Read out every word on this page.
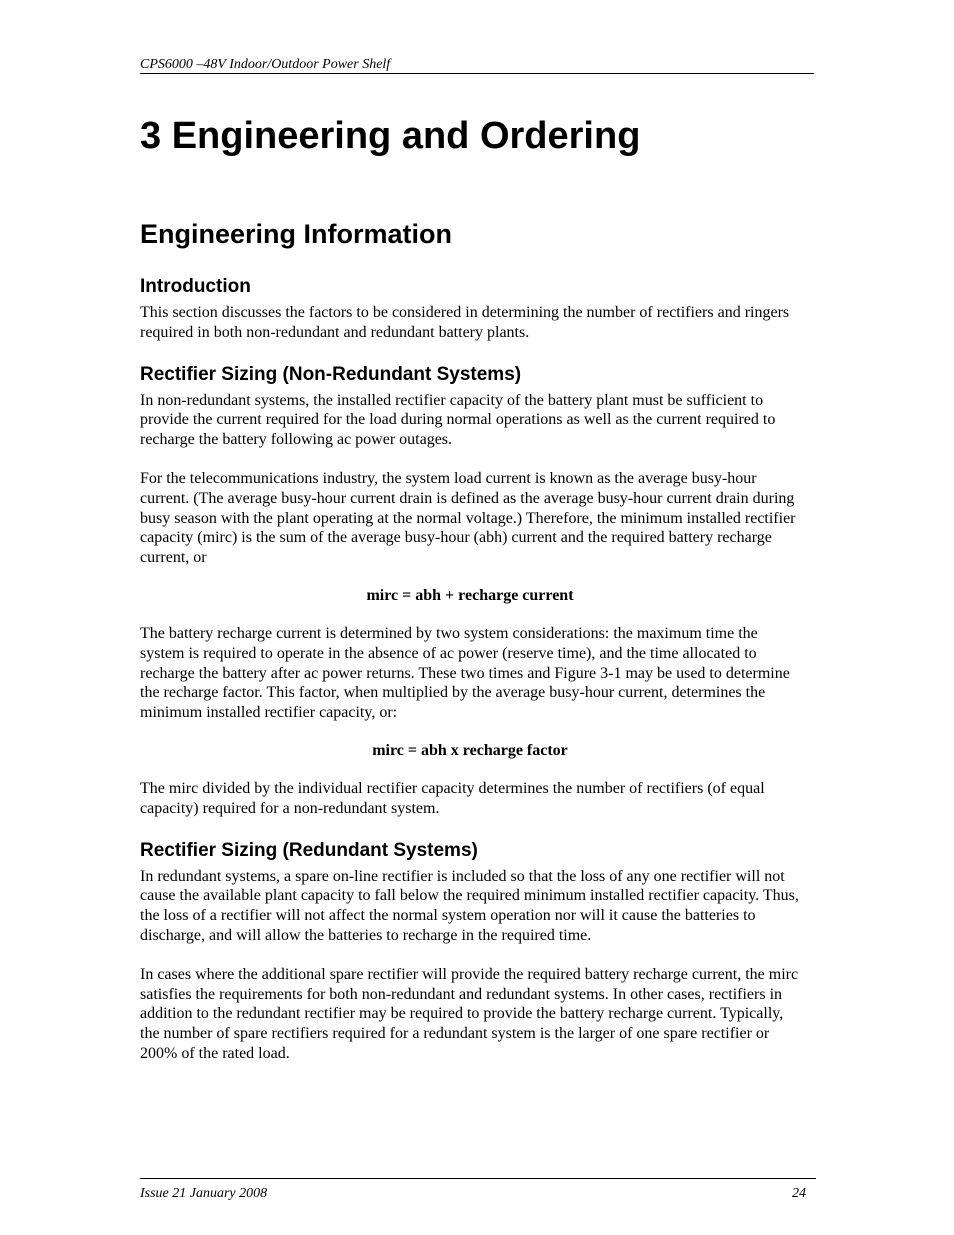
CPS6000 –48V Indoor/Outdoor Power Shelf
3 Engineering and Ordering
Engineering Information
Introduction

This section discusses the factors to be considered in determining the number of rectifiers and ringers required in both non-redundant and redundant battery plants.

Rectifier Sizing (Non-Redundant Systems)

In non-redundant systems, the installed rectifier capacity of the battery plant must be sufficient to provide the current required for the load during normal operations as well as the current required to recharge the battery following ac power outages.

For the telecommunications industry, the system load current is known as the average busy-hour current. (The average busy-hour current drain is defined as the average busy-hour current drain during busy season with the plant operating at the normal voltage.) Therefore, the minimum installed rectifier capacity (mirc) is the sum of the average busy-hour (abh) current and the required battery recharge current, or

mirc = abh + recharge current

The battery recharge current is determined by two system considerations: the maximum time the system is required to operate in the absence of ac power (reserve time), and the time allocated to recharge the battery after ac power returns. These two times and Figure 3-1 may be used to determine the recharge factor. This factor, when multiplied by the average busy-hour current, determines the minimum installed rectifier capacity, or:

mirc = abh x recharge factor

The mirc divided by the individual rectifier capacity determines the number of rectifiers (of equal capacity) required for a non-redundant system.

Rectifier Sizing (Redundant Systems)

In redundant systems, a spare on-line rectifier is included so that the loss of any one rectifier will not cause the available plant capacity to fall below the required minimum installed rectifier capacity. Thus, the loss of a rectifier will not affect the normal system operation nor will it cause the batteries to discharge, and will allow the batteries to recharge in the required time.

In cases where the additional spare rectifier will provide the required battery recharge current, the mirc satisfies the requirements for both non-redundant and redundant systems. In other cases, rectifiers in addition to the redundant rectifier may be required to provide the battery recharge current. Typically, the number of spare rectifiers required for a redundant system is the larger of one spare rectifier or 200% of the rated load.

Issue 21 January 2008	24
